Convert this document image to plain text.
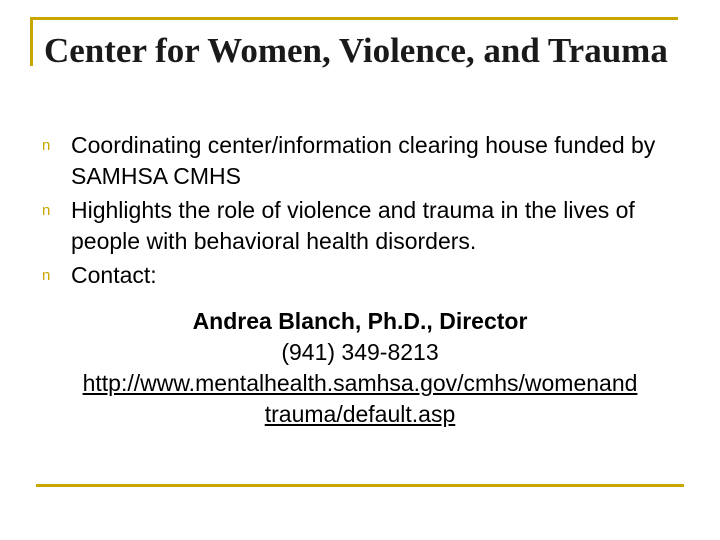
Center for Women, Violence, and Trauma
n Coordinating center/information clearing house funded by SAMHSA CMHS
n Highlights the role of violence and trauma in the lives of people with behavioral health disorders.
n Contact:
Andrea Blanch, Ph.D., Director
(941) 349-8213
http://www.mentalhealth.samhsa.gov/cmhs/womenand
trauma/default.asp
